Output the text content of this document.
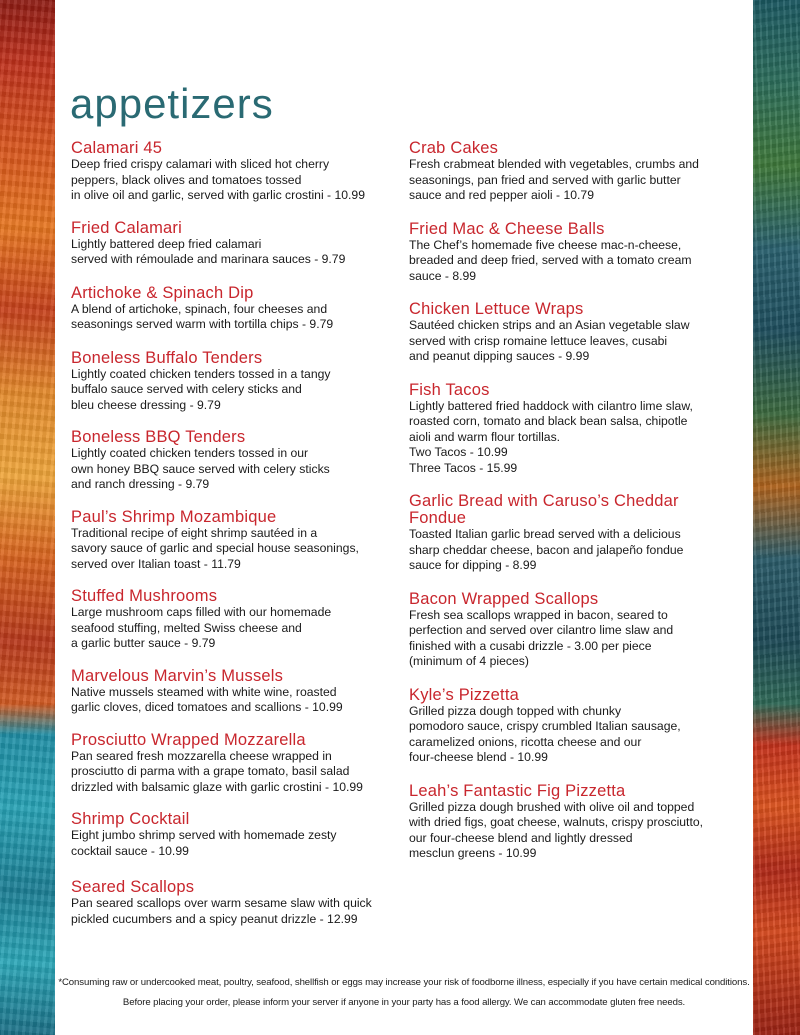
appetizers
Calamari 45

Deep fried crispy calamari with sliced hot cherry
peppers, black olives and tomatoes tossed
in olive oil and garlic, served with garlic crostini - 10.99

Fried Calamari

Lightly battered deep fried calamari
served with rémoulade and marinara sauces - 9.79

Artichoke & Spinach Dip

A blend of artichoke, spinach, four cheeses and
seasonings served warm with tortilla chips - 9.79

Boneless Buffalo Tenders

Lightly coated chicken tenders tossed in a tangy
buffalo sauce served with celery sticks and
bleu cheese dressing - 9.79

Boneless BBQ Tenders

Lightly coated chicken tenders tossed in our
own honey BBQ sauce served with celery sticks
and ranch dressing - 9.79

Paul’s Shrimp Mozambique

Traditional recipe of eight shrimp sautéed in a
savory sauce of garlic and special house seasonings,
served over Italian toast - 11.79

Stuffed Mushrooms

Large mushroom caps filled with our homemade
seafood stuffing, melted Swiss cheese and
a garlic butter sauce - 9.79

Marvelous Marvin’s Mussels

Native mussels steamed with white wine, roasted
garlic cloves, diced tomatoes and scallions - 10.99

Prosciutto Wrapped Mozzarella

Pan seared fresh mozzarella cheese wrapped in
prosciutto di parma with a grape tomato, basil salad
drizzled with balsamic glaze with garlic crostini - 10.99

Shrimp Cocktail

Eight jumbo shrimp served with homemade zesty
cocktail sauce - 10.99

Seared Scallops

Pan seared scallops over warm sesame slaw with quick
pickled cucumbers and a spicy peanut drizzle - 12.99

Crab Cakes

Fresh crabmeat blended with vegetables, crumbs and
seasonings, pan fried and served with garlic butter
sauce and red pepper aioli - 10.79

Fried Mac & Cheese Balls

The Chef’s homemade five cheese mac-n-cheese,
breaded and deep fried, served with a tomato cream
sauce - 8.99

Chicken Lettuce Wraps

Sautéed chicken strips and an Asian vegetable slaw
served with crisp romaine lettuce leaves, cusabi
and peanut dipping sauces - 9.99

Fish Tacos

Lightly battered fried haddock with cilantro lime slaw,
roasted corn, tomato and black bean salsa, chipotle
aioli and warm flour tortillas.
Two Tacos - 10.99
Three Tacos - 15.99

Garlic Bread with Caruso’s Cheddar
Fondue

Toasted Italian garlic bread served with a delicious
sharp cheddar cheese, bacon and jalapeño fondue
sauce for dipping - 8.99

Bacon Wrapped Scallops

Fresh sea scallops wrapped in bacon, seared to
perfection and served over cilantro lime slaw and
finished with a cusabi drizzle - 3.00 per piece
(minimum of 4 pieces)

Kyle’s Pizzetta

Grilled pizza dough topped with chunky
pomodoro sauce, crispy crumbled Italian sausage,
caramelized onions, ricotta cheese and our
four-cheese blend - 10.99

Leah’s Fantastic Fig Pizzetta

Grilled pizza dough brushed with olive oil and topped
with dried figs, goat cheese, walnuts, crispy prosciutto,
our four-cheese blend and lightly dressed
mesclun greens - 10.99

*Consuming raw or undercooked meat, poultry, seafood, shellfish or eggs may increase your risk of foodborne illness, especially if you have certain medical conditions.

Before placing your order, please inform your server if anyone in your party has a food allergy. We can accommodate gluten free needs.
